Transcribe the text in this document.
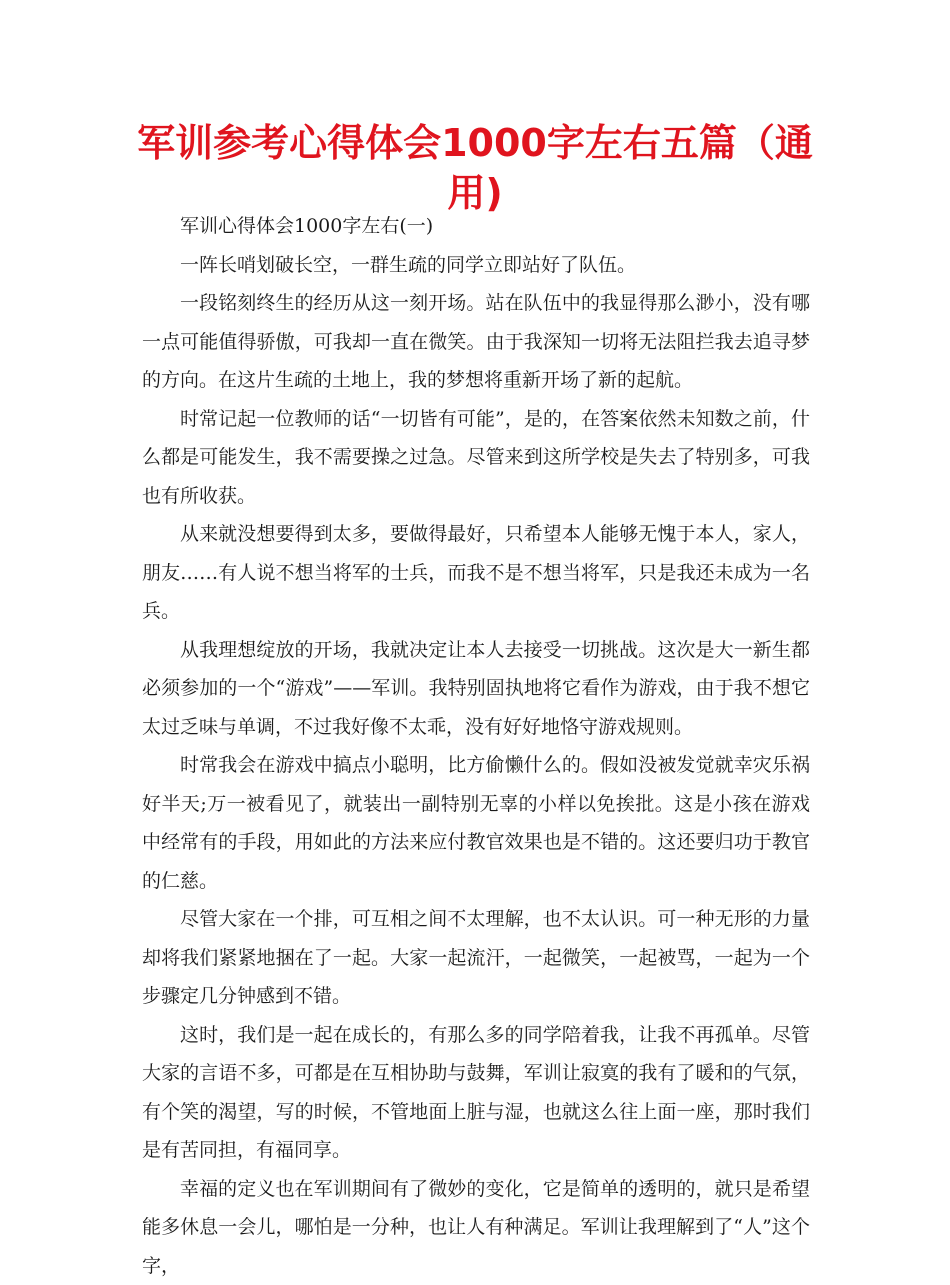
军训参考心得体会1000字左右五篇（通用)

军训心得体会1000字左右(一)

一阵长哨划破长空，一群生疏的同学立即站好了队伍。

一段铭刻终生的经历从这一刻开场。站在队伍中的我显得那么渺小，没有哪一点可能值得骄傲，可我却一直在微笑。由于我深知一切将无法阻拦我去追寻梦的方向。在这片生疏的土地上，我的梦想将重新开场了新的起航。

时常记起一位教师的话“一切皆有可能”，是的，在答案依然未知数之前，什么都是可能发生，我不需要操之过急。尽管来到这所学校是失去了特别多，可我也有所收获。

从来就没想要得到太多，要做得最好，只希望本人能够无愧于本人，家人，朋友……有人说不想当将军的士兵，而我不是不想当将军，只是我还未成为一名兵。

从我理想绽放的开场，我就决定让本人去接受一切挑战。这次是大一新生都必须参加的一个“游戏”——军训。我特别固执地将它看作为游戏，由于我不想它太过乏味与单调，不过我好像不太乖，没有好好地恪守游戏规则。

时常我会在游戏中搞点小聪明，比方偷懒什么的。假如没被发觉就幸灾乐祸好半天;万一被看见了，就装出一副特别无辜的小样以免挨批。这是小孩在游戏中经常有的手段，用如此的方法来应付教官效果也是不错的。这还要归功于教官的仁慈。

尽管大家在一个排，可互相之间不太理解，也不太认识。可一种无形的力量却将我们紧紧地捆在了一起。大家一起流汗，一起微笑，一起被骂，一起为一个步骤定几分钟感到不错。

这时，我们是一起在成长的，有那么多的同学陪着我，让我不再孤单。尽管大家的言语不多，可都是在互相协助与鼓舞，军训让寂寞的我有了暖和的气氛，有个笑的渴望，写的时候，不管地面上脏与湿，也就这么往上面一座，那时我们是有苦同担，有福同享。

幸福的定义也在军训期间有了微妙的变化，它是简单的透明的，就只是希望能多休息一会儿，哪怕是一分种，也让人有种满足。军训让我理解到了“人”这个字，
